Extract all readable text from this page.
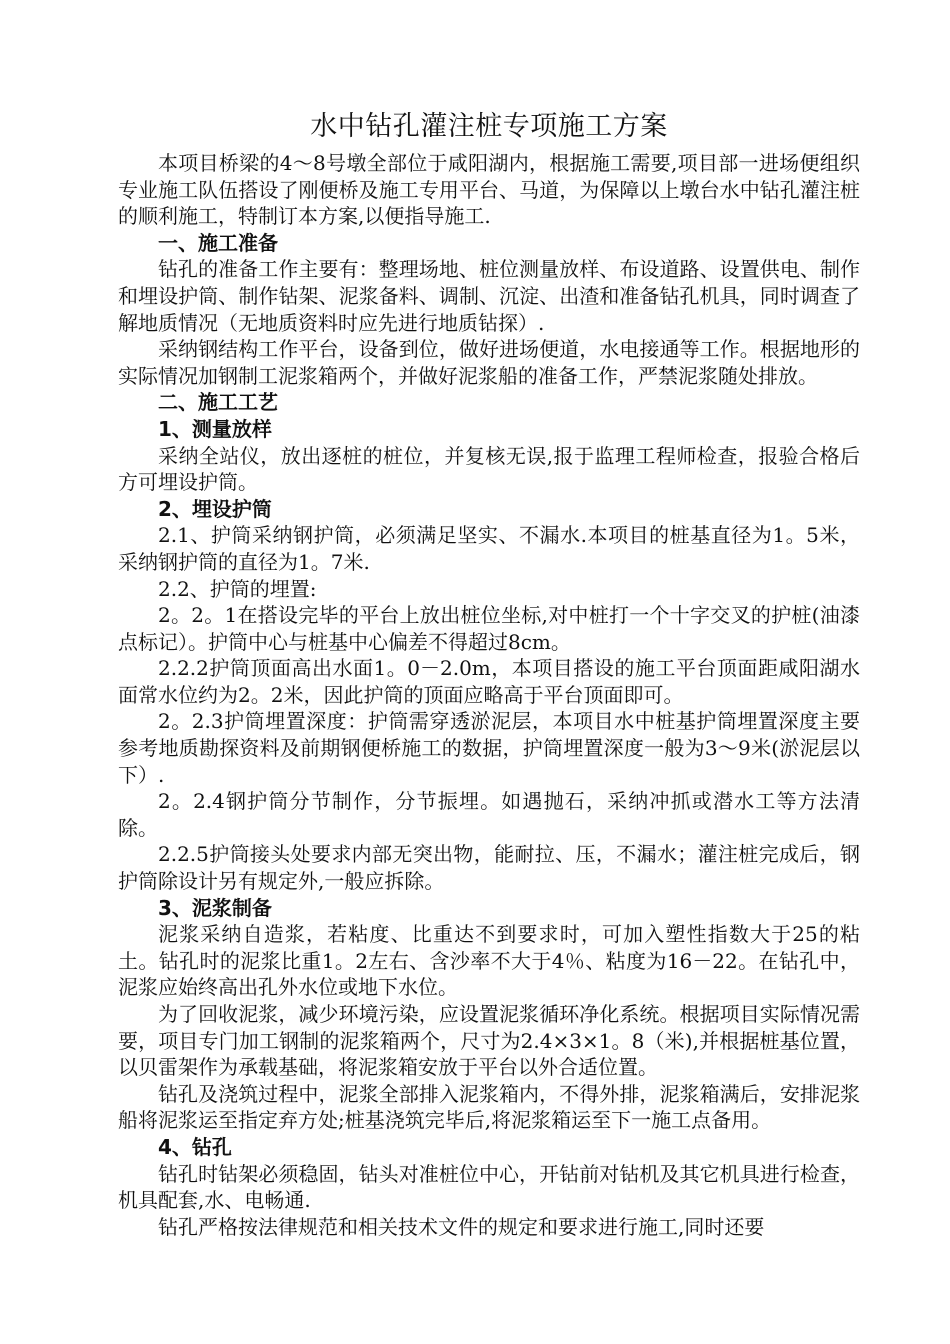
水中钻孔灌注桩专项施工方案
本项目桥梁的4～8号墩全部位于咸阳湖内，根据施工需要,项目部一进场便组织专业施工队伍搭设了刚便桥及施工专用平台、马道，为保障以上墩台水中钻孔灌注桩的顺利施工，特制订本方案,以便指导施工.
一、施工准备
钻孔的准备工作主要有：整理场地、桩位测量放样、布设道路、设置供电、制作和埋设护筒、制作钻架、泥浆备料、调制、沉淀、出渣和准备钻孔机具，同时调查了解地质情况（无地质资料时应先进行地质钻探）.
采纳钢结构工作平台，设备到位，做好进场便道，水电接通等工作。根据地形的实际情况加钢制工泥浆箱两个，并做好泥浆船的准备工作，严禁泥浆随处排放。
二、施工工艺
1、测量放样
采纳全站仪，放出逐桩的桩位，并复核无误,报于监理工程师检查，报验合格后方可埋设护筒。
2、埋设护筒
2.1、护筒采纳钢护筒，必须满足坚实、不漏水.本项目的桩基直径为1。5米，采纳钢护筒的直径为1。7米.
2.2、护筒的埋置:
2。2。1在搭设完毕的平台上放出桩位坐标,对中桩打一个十字交叉的护桩(油漆点标记）。护筒中心与桩基中心偏差不得超过8cm。
2.2.2护筒顶面高出水面1。0－2.0m，本项目搭设的施工平台顶面距咸阳湖水面常水位约为2。2米，因此护筒的顶面应略高于平台顶面即可。
2。2.3护筒埋置深度：护筒需穿透淤泥层，本项目水中桩基护筒埋置深度主要参考地质勘探资料及前期钢便桥施工的数据，护筒埋置深度一般为3～9米(淤泥层以下）.
2。2.4钢护筒分节制作，分节振埋。如遇抛石，采纳冲抓或潜水工等方法清除。
2.2.5护筒接头处要求内部无突出物，能耐拉、压，不漏水；灌注桩完成后，钢护筒除设计另有规定外,一般应拆除。
3、泥浆制备
泥浆采纳自造浆，若粘度、比重达不到要求时，可加入塑性指数大于25的粘土。钻孔时的泥浆比重1。2左右、含沙率不大于4％、粘度为16－22。在钻孔中，泥浆应始终高出孔外水位或地下水位。
为了回收泥浆，减少环境污染，应设置泥浆循环净化系统。根据项目实际情况需要，项目专门加工钢制的泥浆箱两个，尺寸为2.4×3×1。8（米),并根据桩基位置，以贝雷架作为承载基础，将泥浆箱安放于平台以外合适位置。
钻孔及浇筑过程中，泥浆全部排入泥浆箱内，不得外排，泥浆箱满后，安排泥浆船将泥浆运至指定弃方处;桩基浇筑完毕后,将泥浆箱运至下一施工点备用。
4、钻孔
钻孔时钻架必须稳固，钻头对准桩位中心，开钻前对钻机及其它机具进行检查，机具配套,水、电畅通.
钻孔严格按法律规范和相关技术文件的规定和要求进行施工,同时还要
